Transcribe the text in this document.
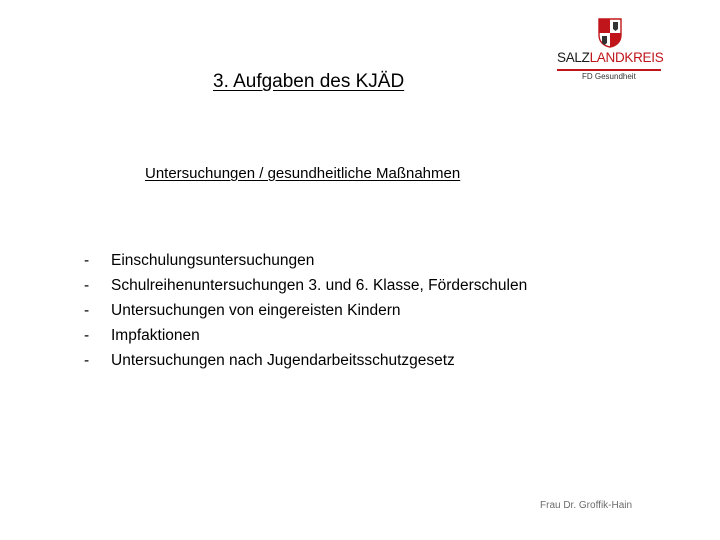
SALZLANDKREIS
FD Gesundheit
3. Aufgaben des KJÄD
Untersuchungen / gesundheitliche Maßnahmen
-	Einschulungsuntersuchungen
-	Schulreihenuntersuchungen 3. und 6. Klasse, Förderschulen
-	Untersuchungen von eingereisten Kindern
-	Impfaktionen
-	Untersuchungen nach Jugendarbeitsschutzgesetz
Frau Dr. Groffik-Hain
